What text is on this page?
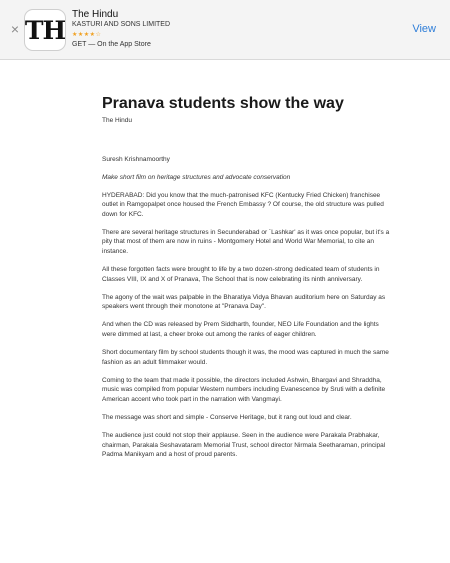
× TH
The Hindu
KASTURI AND SONS LIMITED
★★★★☆
GET — On the App Store
View
Pranava students show the way
The Hindu
Suresh Krishnamoorthy
Make short film on heritage structures and advocate conservation

HYDERABAD: Did you know that the much-patronised KFC (Kentucky Fried Chicken) franchisee outlet in Ramgopalpet once housed the French Embassy ? Of course, the old structure was pulled down for KFC.

There are several heritage structures in Secunderabad or `Lashkar' as it was once popular, but it's a pity that most of them are now in ruins - Montgomery Hotel and World War Memorial, to cite an instance.

All these forgotten facts were brought to life by a two dozen-strong dedicated team of students in Classes VIII, IX and X of Pranava, The School that is now celebrating its ninth anniversary.

The agony of the wait was palpable in the Bharatiya Vidya Bhavan auditorium here on Saturday as speakers went through their monotone at "Pranava Day".

And when the CD was released by Prem Siddharth, founder, NEO Life Foundation and the lights were dimmed at last, a cheer broke out among the ranks of eager children.

Short documentary film by school students though it was, the mood was captured in much the same fashion as an adult filmmaker would.

Coming to the team that made it possible, the directors included Ashwin, Bhargavi and Shraddha, music was compiled from popular Western numbers including Evanescence by Sruti with a definite American accent who took part in the narration with Vangmayi.

The message was short and simple - Conserve Heritage, but it rang out loud and clear.

The audience just could not stop their applause. Seen in the audience were Parakala Prabhakar, chairman, Parakala Seshavataram Memorial Trust, school director Nirmala Seetharaman, principal Padma Manikyam and a host of proud parents.
